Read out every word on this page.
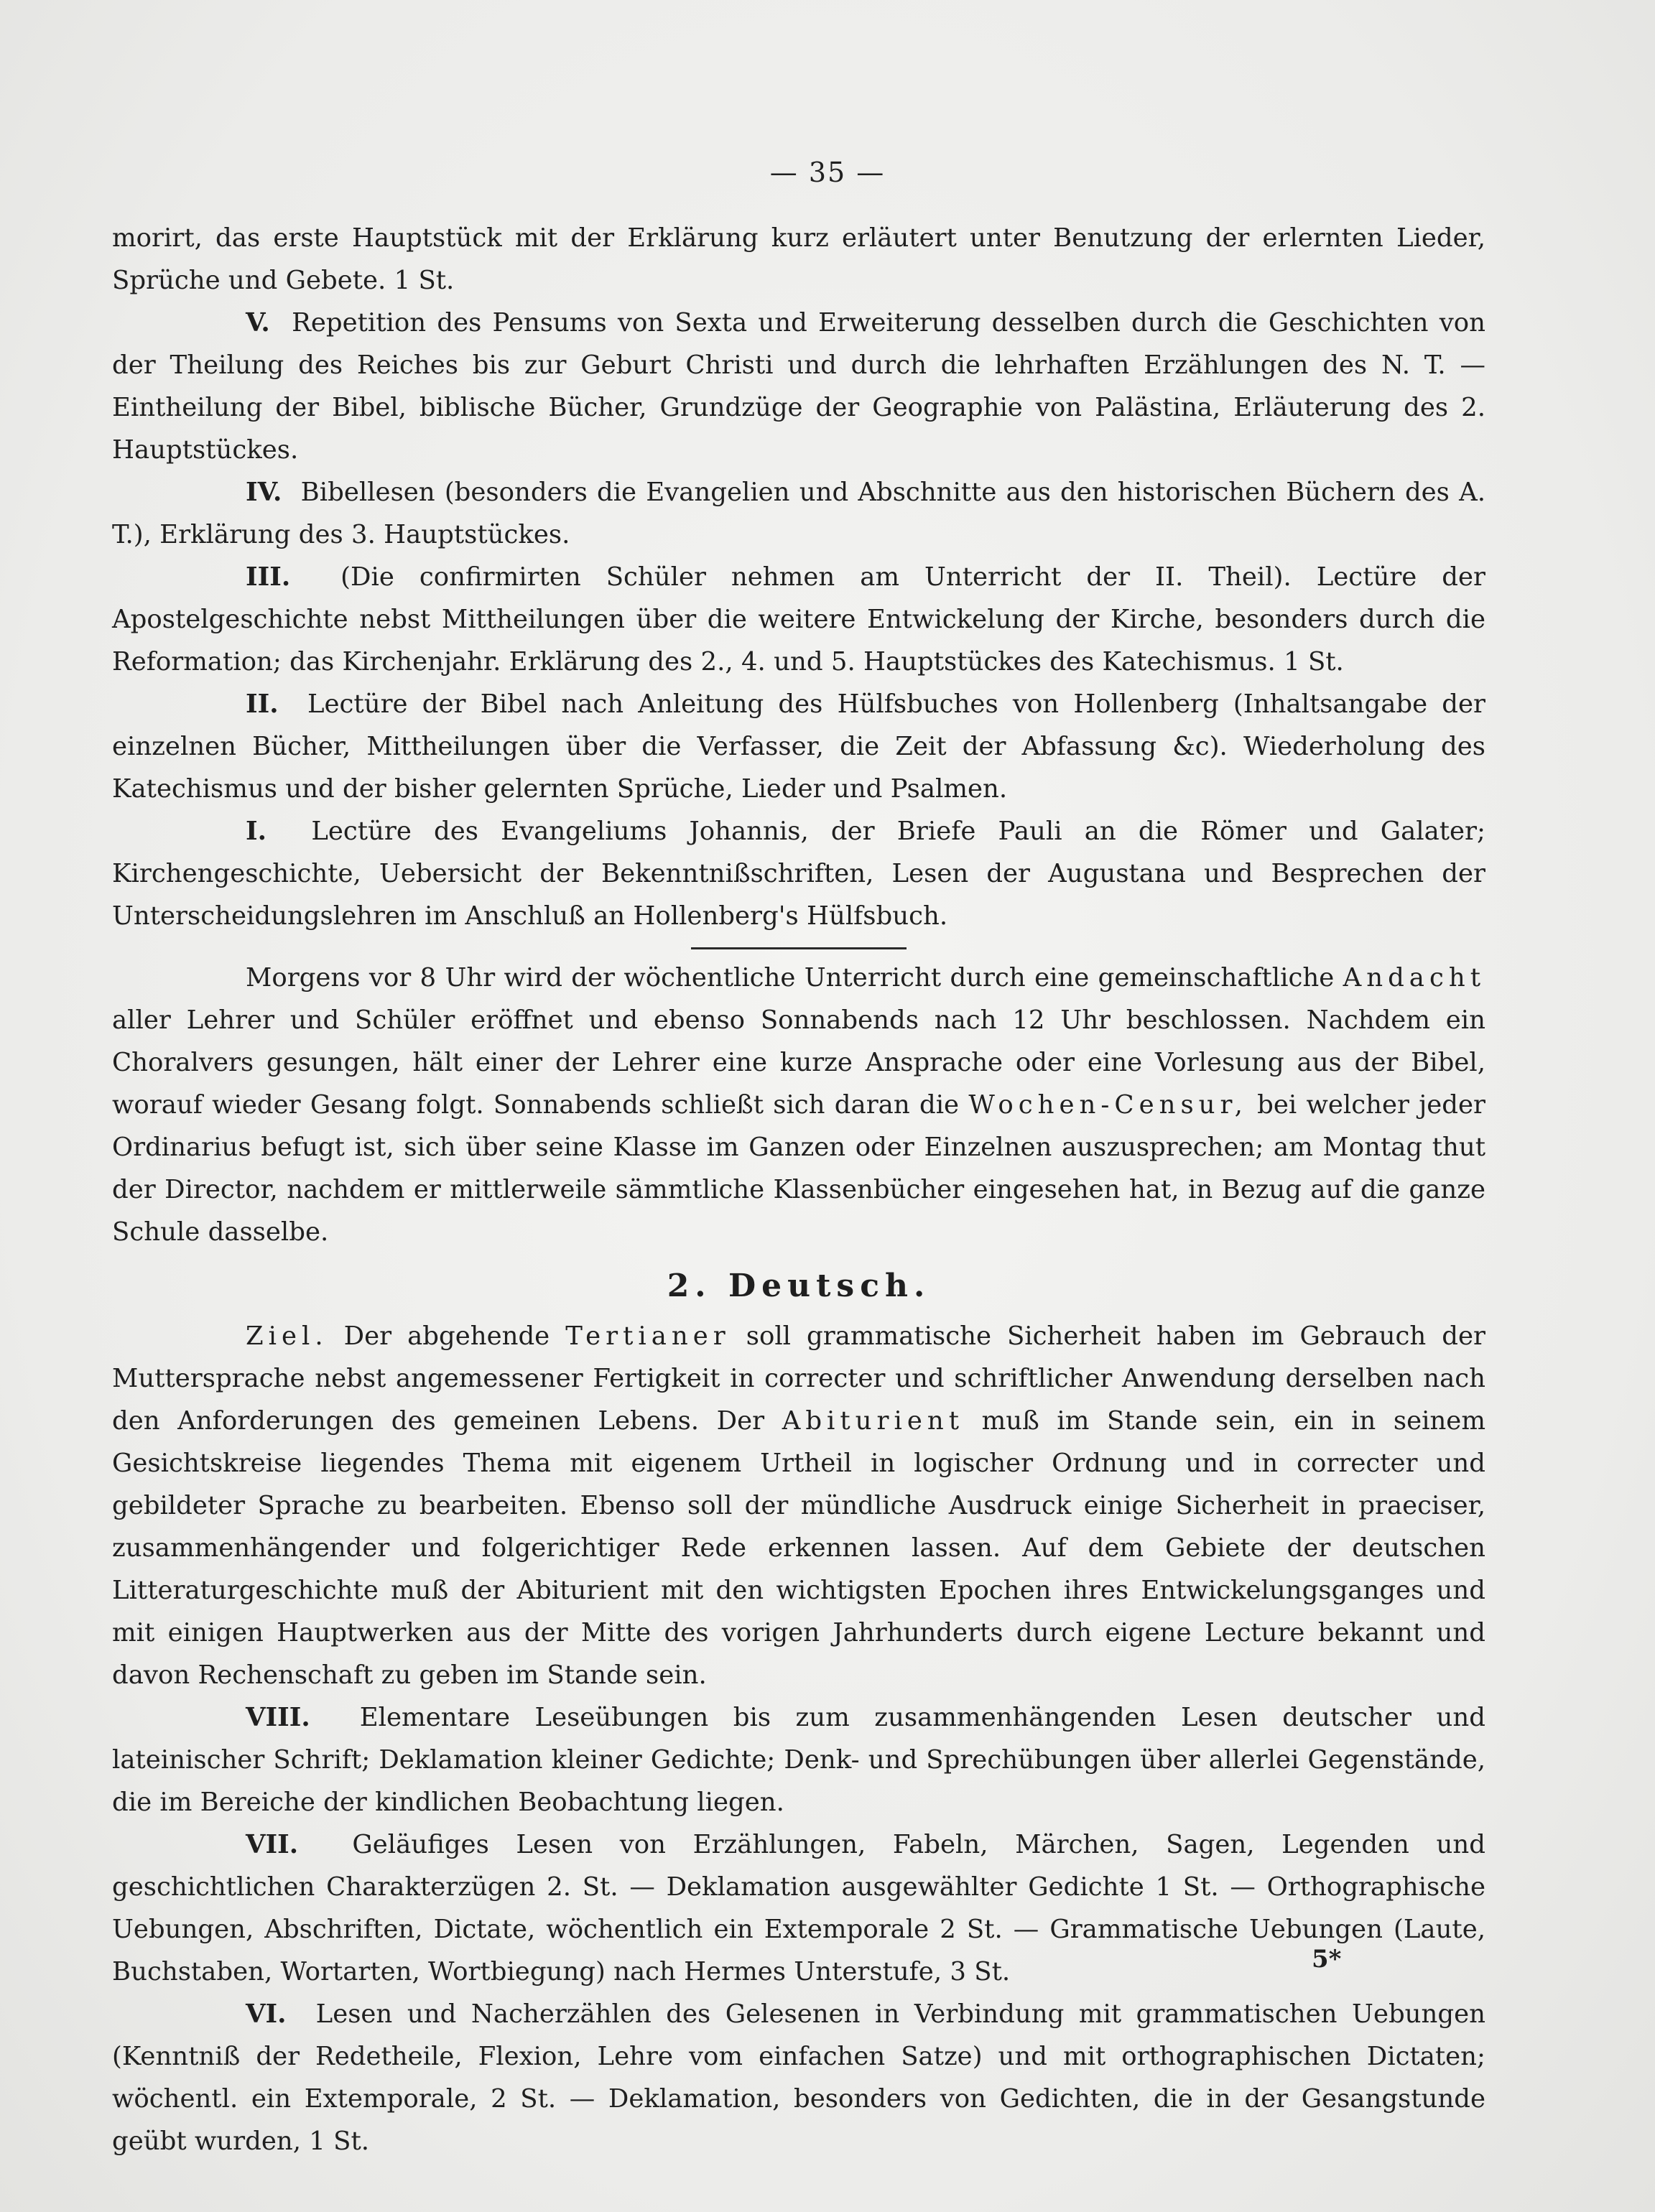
— 35 —

morirt, das erste Hauptstück mit der Erklärung kurz erläutert unter Benutzung der erlernten Lieder, Sprüche und Gebete. 1 St.

V. Repetition des Pensums von Sexta und Erweiterung desselben durch die Geschichten von der Theilung des Reiches bis zur Geburt Christi und durch die lehrhaften Erzählungen des N. T. — Eintheilung der Bibel, biblische Bücher, Grundzüge der Geographie von Palästina, Erläuterung des 2. Hauptstückes.

IV. Bibellesen (besonders die Evangelien und Abschnitte aus den historischen Büchern des A. T.), Erklärung des 3. Hauptstückes.

III. (Die confirmirten Schüler nehmen am Unterricht der II. Theil). Lectüre der Apostelgeschichte nebst Mittheilungen über die weitere Entwickelung der Kirche, besonders durch die Reformation; das Kirchenjahr. Erklärung des 2., 4. und 5. Hauptstückes des Katechismus. 1 St.

II. Lectüre der Bibel nach Anleitung des Hülfsbuches von Hollenberg (Inhaltsangabe der einzelnen Bücher, Mittheilungen über die Verfasser, die Zeit der Abfassung &c). Wiederholung des Katechismus und der bisher gelernten Sprüche, Lieder und Psalmen.

I. Lectüre des Evangeliums Johannis, der Briefe Pauli an die Römer und Galater; Kirchengeschichte, Uebersicht der Bekenntnißschriften, Lesen der Augustana und Besprechen der Unterscheidungslehren im Anschluß an Hollenberg's Hülfsbuch.

Morgens vor 8 Uhr wird der wöchentliche Unterricht durch eine gemeinschaftliche Andacht aller Lehrer und Schüler eröffnet und ebenso Sonnabends nach 12 Uhr beschlossen. Nachdem ein Choralvers gesungen, hält einer der Lehrer eine kurze Ansprache oder eine Vorlesung aus der Bibel, worauf wieder Gesang folgt. Sonnabends schließt sich daran die Wochen-Censur, bei welcher jeder Ordinarius befugt ist, sich über seine Klasse im Ganzen oder Einzelnen auszusprechen; am Montag thut der Director, nachdem er mittlerweile sämmtliche Klassenbücher eingesehen hat, in Bezug auf die ganze Schule dasselbe.

2. Deutsch.

Ziel. Der abgehende Tertianer soll grammatische Sicherheit haben im Gebrauch der Muttersprache nebst angemessener Fertigkeit in correcter und schriftlicher Anwendung derselben nach den Anforderungen des gemeinen Lebens. Der Abiturient muß im Stande sein, ein in seinem Gesichtskreise liegendes Thema mit eigenem Urtheil in logischer Ordnung und in correcter und gebildeter Sprache zu bearbeiten. Ebenso soll der mündliche Ausdruck einige Sicherheit in praeciser, zusammenhängender und folgerichtiger Rede erkennen lassen. Auf dem Gebiete der deutschen Litteraturgeschichte muß der Abiturient mit den wichtigsten Epochen ihres Entwickelungsganges und mit einigen Hauptwerken aus der Mitte des vorigen Jahrhunderts durch eigene Lecture bekannt und davon Rechenschaft zu geben im Stande sein.

VIII. Elementare Leseübungen bis zum zusammenhängenden Lesen deutscher und lateinischer Schrift; Deklamation kleiner Gedichte; Denk- und Sprechübungen über allerlei Gegenstände, die im Bereiche der kindlichen Beobachtung liegen.

VII. Geläufiges Lesen von Erzählungen, Fabeln, Märchen, Sagen, Legenden und geschichtlichen Charakterzügen 2. St. — Deklamation ausgewählter Gedichte 1 St. — Orthographische Uebungen, Abschriften, Dictate, wöchentlich ein Extemporale 2 St. — Grammatische Uebungen (Laute, Buchstaben, Wortarten, Wortbiegung) nach Hermes Unterstufe, 3 St.

VI. Lesen und Nacherzählen des Gelesenen in Verbindung mit grammatischen Uebungen (Kenntniß der Redetheile, Flexion, Lehre vom einfachen Satze) und mit orthographischen Dictaten; wöchentl. ein Extemporale, 2 St. — Deklamation, besonders von Gedichten, die in der Gesangstunde geübt wurden, 1 St.

5*
